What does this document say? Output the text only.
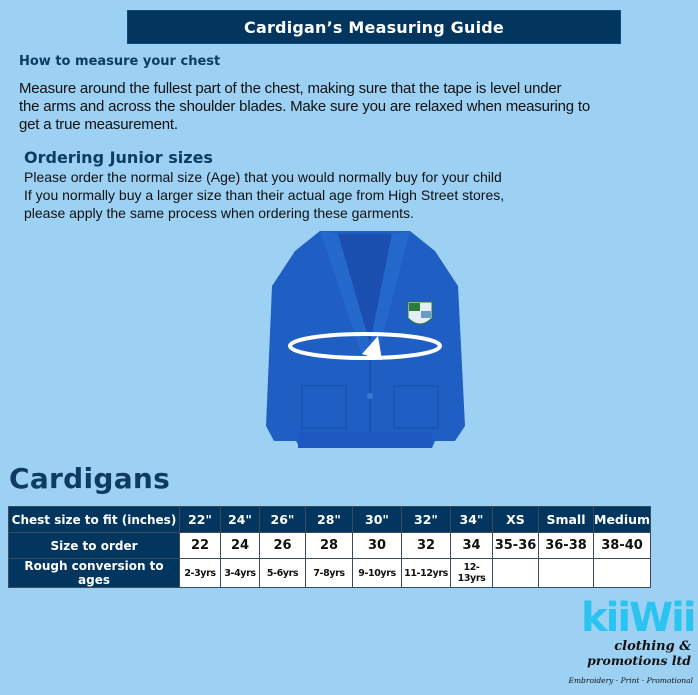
Cardigan’s Measuring Guide
How to measure your chest
Measure around the fullest part of the chest, making sure that the tape is level under
the arms and across the shoulder blades. Make sure you are relaxed when measuring to
get a true measurement.
Ordering Junior sizes
Please order the normal size (Age) that you would normally buy for your child
If you normally buy a larger size than their actual age from High Street stores,
please apply the same process when ordering these garments.
Cardigans
Chest size to fit (inches)	22"	24"	26"	28"	30"	32"	34"	XS	Small	Medium
Size to order	22	24	26	28	30	32	34	35-36	36-38	38-40
Rough conversion to ages	2-3yrs	3-4yrs	5-6yrs	7-8yrs	9-10yrs	11-12yrs	12-13yrs			
kiiWii
clothing &
promotions ltd
Embroidery · Print · Promotional
